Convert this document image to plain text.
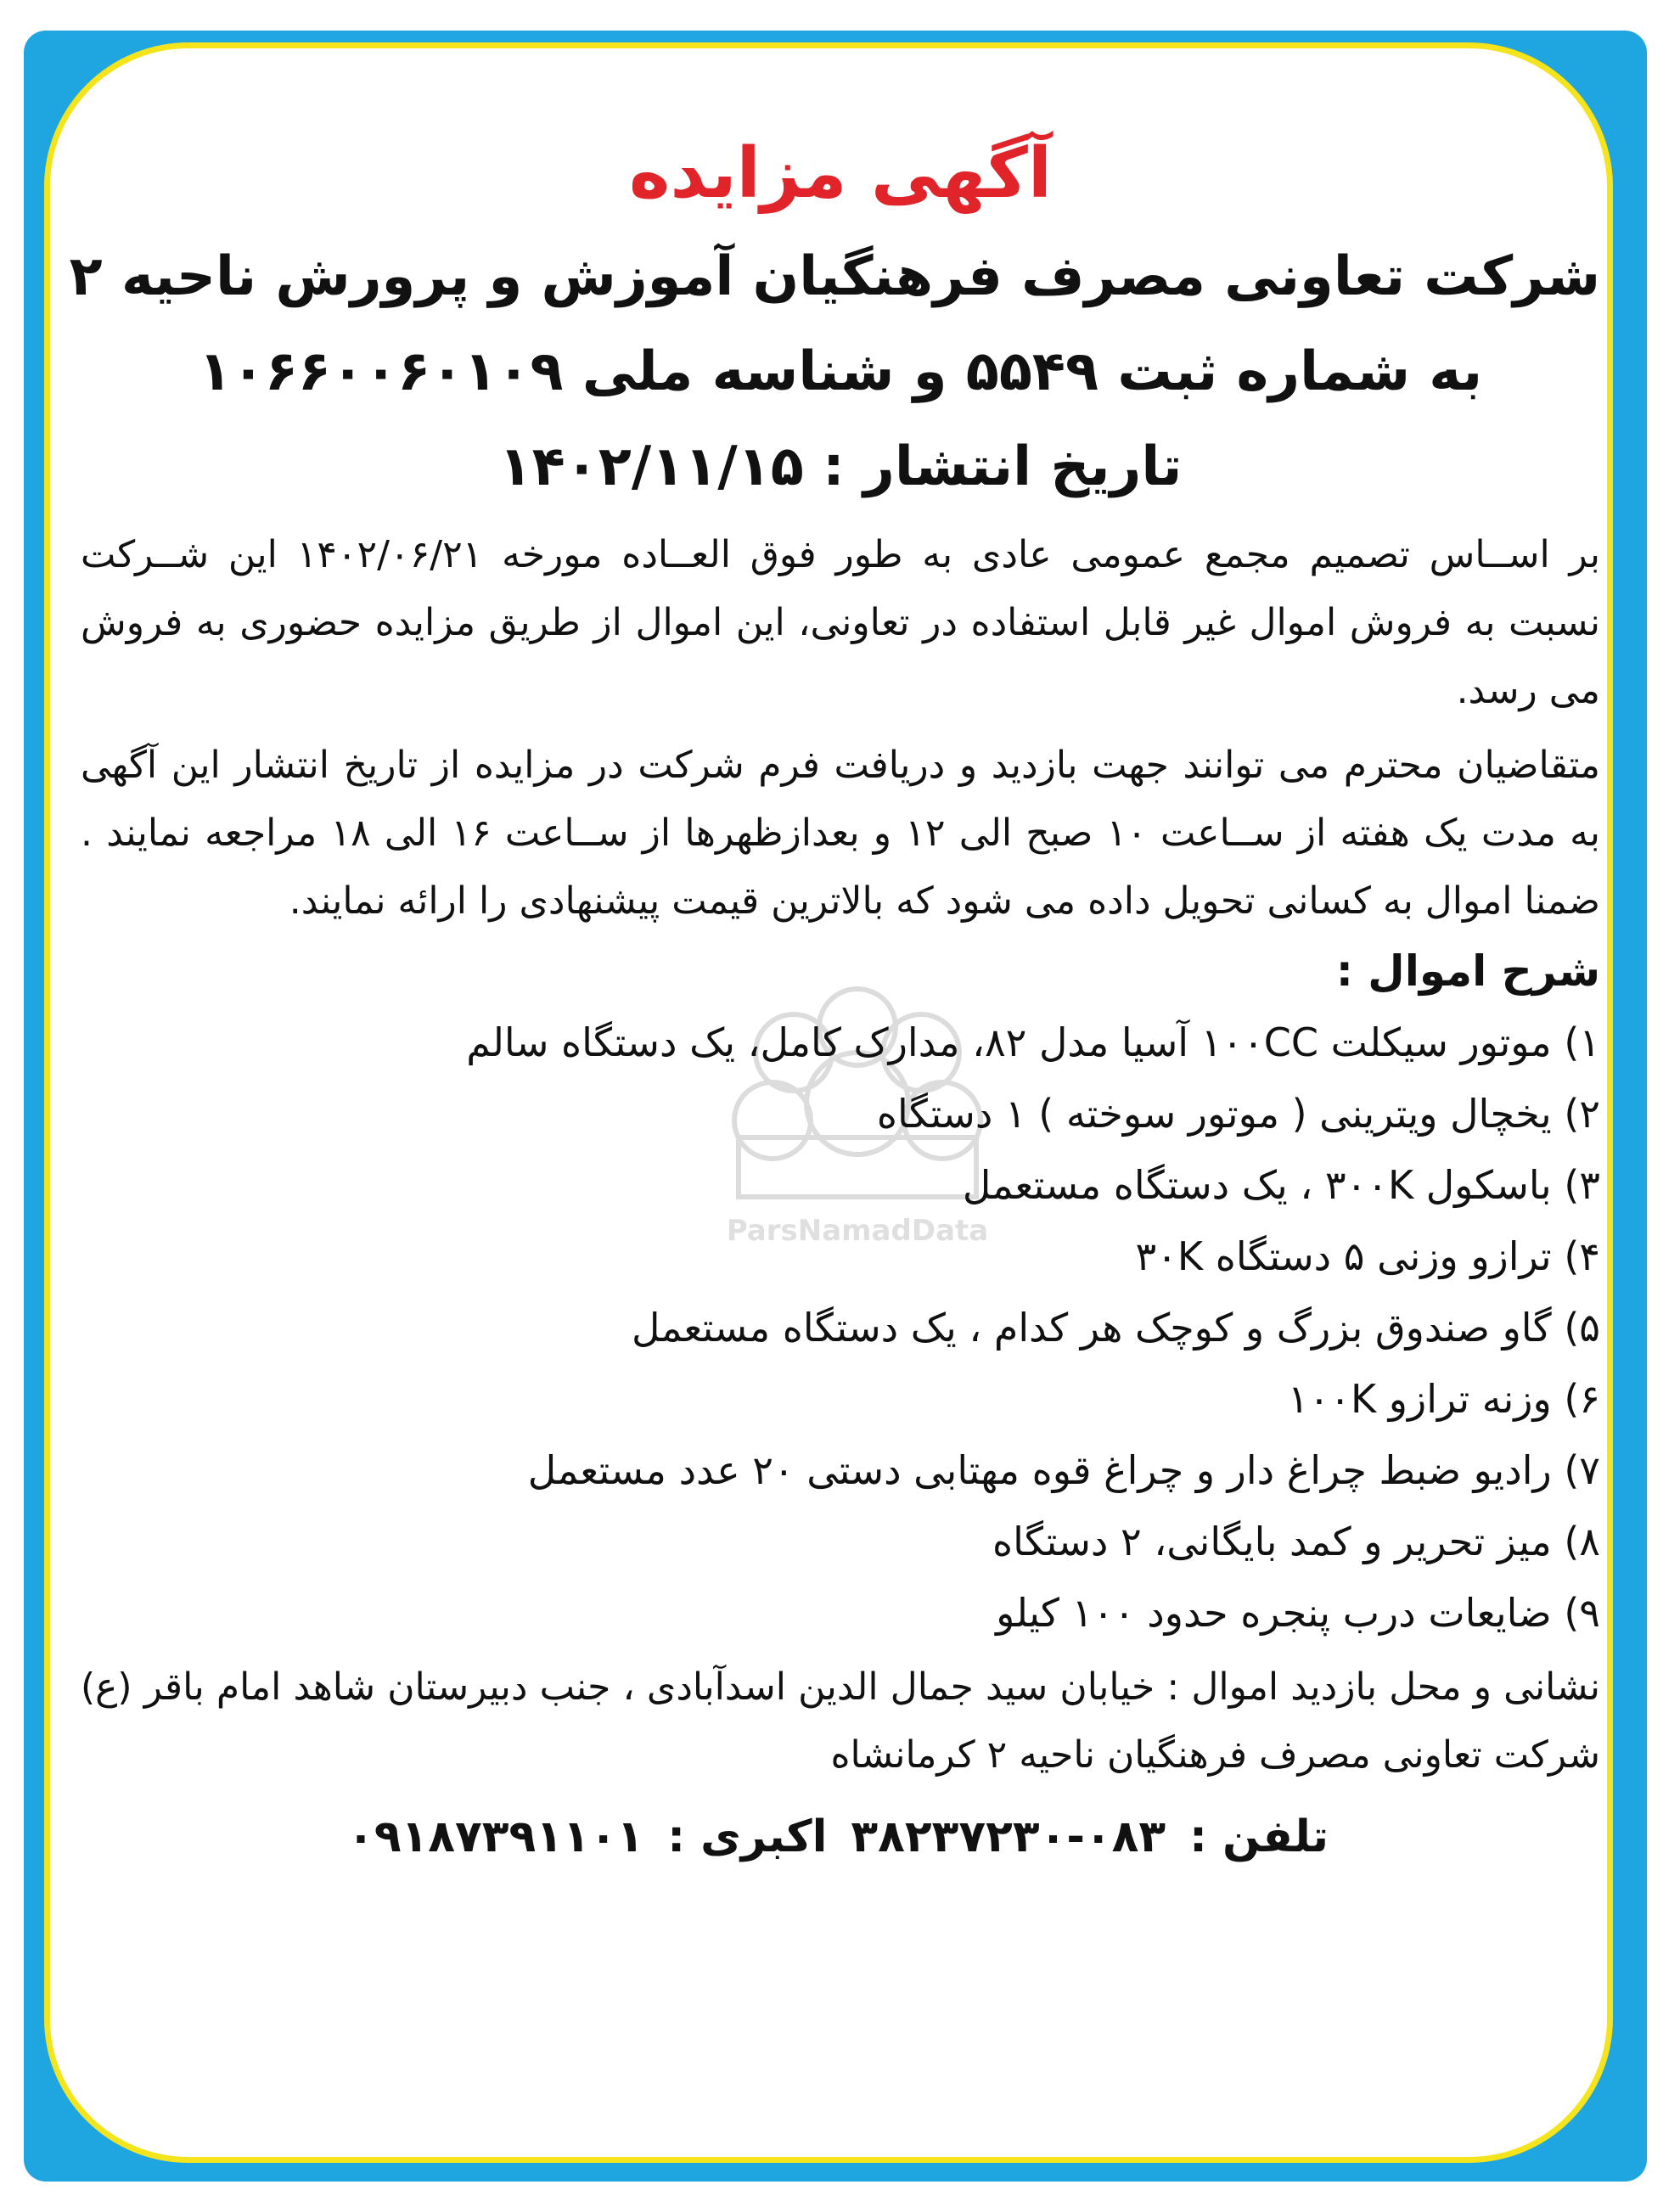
آگهی مزایده
شرکت تعاونی مصرف فرهنگیان آموزش و پرورش ناحیه ۲
به شماره ثبت ۵۵۴۹ و شناسه ملی ۱۰۶۶۰۰۶۰۱۰۹
تاریخ انتشار : ۱۴۰۲/۱۱/۱۵

بر اســاس تصمیم مجمع عمومی عادی به طور فوق العــاده مورخه ۱۴۰۲/۰۶/۲۱ این شــرکت نسبت به فروش اموال غیر قابل استفاده در تعاونی، این اموال از طریق مزایده حضوری به فروش می رسد.

متقاضیان محترم می توانند جهت بازدید و دریافت فرم شرکت در مزایده از تاریخ انتشار این آگهی به مدت یک هفته از ســاعت ۱۰ صبح الی ۱۲ و بعدازظهرها از ســاعت ۱۶ الی ۱۸ مراجعه نمایند . ضمنا اموال به کسانی تحویل داده می شود که بالاترین قیمت پیشنهادی را ارائه نمایند.

شرح اموال :
۱) موتور سیکلت ۱۰۰CC آسیا مدل ۸۲، مدارک کامل، یک دستگاه سالم
۲) یخچال ویترینی ( موتور سوخته ) ۱ دستگاه
۳) باسکول ۳۰۰K ، یک دستگاه مستعمل
۴) ترازو وزنی ۵ دستگاه ۳۰K
۵) گاو صندوق بزرگ و کوچک هر کدام ، یک دستگاه مستعمل
۶) وزنه ترازو ۱۰۰K
۷) رادیو ضبط چراغ دار و چراغ قوه مهتابی دستی ۲۰ عدد مستعمل
۸) میز تحریر و کمد بایگانی، ۲ دستگاه
۹) ضایعات درب پنجره حدود ۱۰۰ کیلو

نشانی و محل بازدید اموال : خیابان سید جمال الدین اسدآبادی ، جنب دبیرستان شاهد امام باقر (ع) شرکت تعاونی مصرف فرهنگیان ناحیه ۲ کرمانشاه

تلفن :۰۸۳-۳۸۲۳۷۲۳۰اکبری :۰۹۱۸۷۳۹۱۱۰۱
